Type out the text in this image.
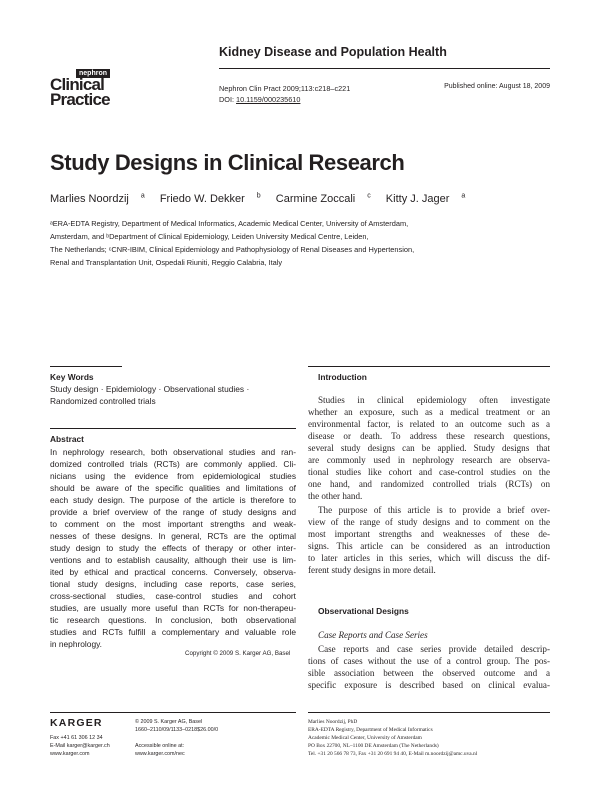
Kidney Disease and Population Health
nephron
Clinical
Practice
Nephron Clin Pract 2009;113:c218–c221
DOI: 10.1159/000235610
Published online: August 18, 2009
Study Designs in Clinical Research
Marlies Noordzij $^a$ Friedo W. Dekker $^b$ Carmine Zoccali $^c$ Kitty J. Jager $^a$
ᵃERA-EDTA Registry, Department of Medical Informatics, Academic Medical Center, University of Amsterdam,
Amsterdam, and ᵇDepartment of Clinical Epidemiology, Leiden University Medical Centre, Leiden,
The Netherlands; ᶜCNR-IBIM, Clinical Epidemiology and Pathophysiology of Renal Diseases and Hypertension,
Renal and Transplantation Unit, Ospedali Riuniti, Reggio Calabria, Italy
Key Words
Study design · Epidemiology · Observational studies ·
Randomized controlled trials
Abstract
In nephrology research, both observational studies and ran-
domized controlled trials (RCTs) are commonly applied. Cli-
nicians using the evidence from epidemiological studies
should be aware of the specific qualities and limitations of
each study design. The purpose of the article is therefore to
provide a brief overview of the range of study designs and
to comment on the most important strengths and weak-
nesses of these designs. In general, RCTs are the optimal
study design to study the effects of therapy or other inter-
ventions and to establish causality, although their use is lim-
ited by ethical and practical concerns. Conversely, observa-
tional study designs, including case reports, case series,
cross-sectional studies, case-control studies and cohort
studies, are usually more useful than RCTs for non-therapeu-
tic research questions. In conclusion, both observational
studies and RCTs fulfill a complementary and valuable role
in nephrology.
Copyright © 2009 S. Karger AG, Basel
Introduction
Studies in clinical epidemiology often investigate
whether an exposure, such as a medical treatment or an
environmental factor, is related to an outcome such as a
disease or death. To address these research questions,
several study designs can be applied. Study designs that
are commonly used in nephrology research are observa-
tional studies like cohort and case-control studies on the
one hand, and randomized controlled trials (RCTs) on
the other hand.
The purpose of this article is to provide a brief over-
view of the range of study designs and to comment on the
most important strengths and weaknesses of these de-
signs. This article can be considered as an introduction
to later articles in this series, which will discuss the dif-
ferent study designs in more detail.
Observational Designs
Case Reports and Case Series
Case reports and case series provide detailed descrip-
tions of cases without the use of a control group. The pos-
sible association between the observed outcome and a
specific exposure is described based on clinical evalua-
KARGER
Fax +41 61 306 12 34
E-Mail karger@karger.ch
www.karger.com
© 2009 S. Karger AG, Basel
1660–2110/09/1133–0218$26.00/0
Accessible online at:
www.karger.com/nec
Marlies Noordzij, PhD
ERA-EDTA Registry, Department of Medical Informatics
Academic Medical Center, University of Amsterdam
PO Box 22700, NL–1100 DE Amsterdam (The Netherlands)
Tel. +31 20 566 78 73, Fax +31 20 691 94 40, E-Mail m.noordzij@amc.uva.nl
